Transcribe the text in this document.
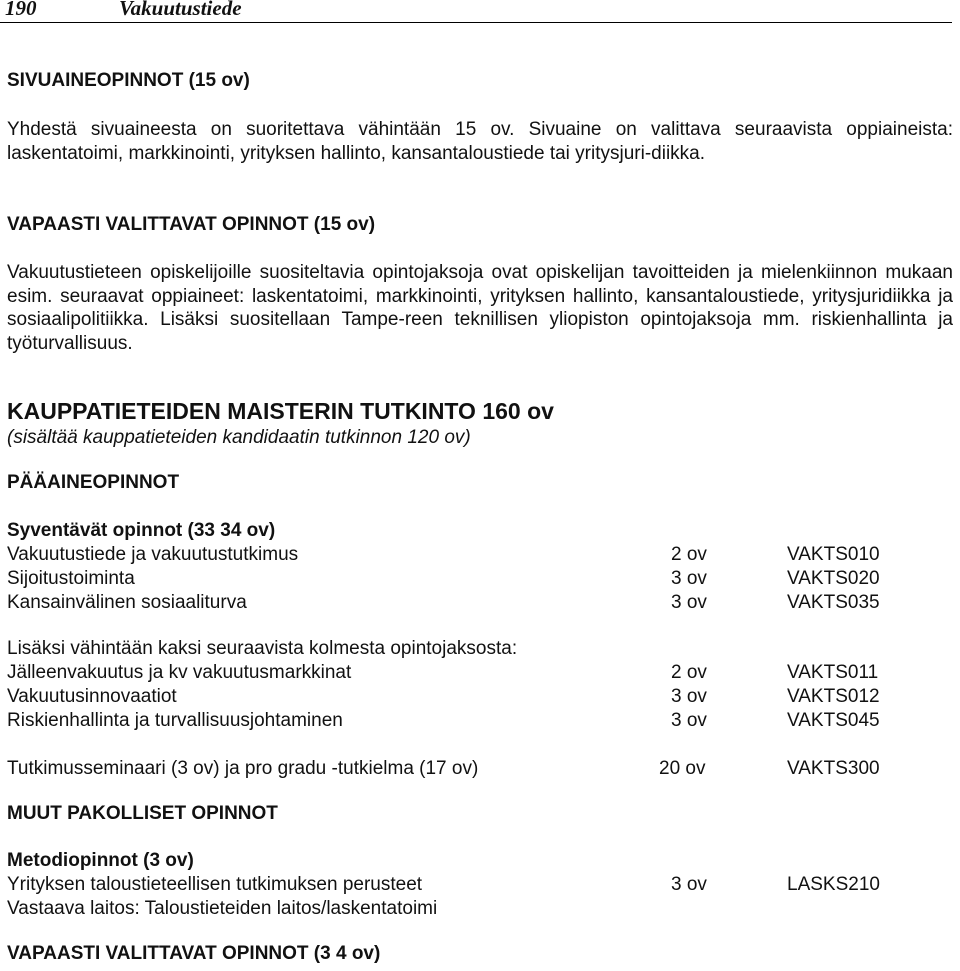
190	Vakuutustiede
SIVUAINEOPINNOT (15 ov)

Yhdestä sivuaineesta on suoritettava vähintään 15 ov. Sivuaine on valittava seuraavista oppiaineista: laskentatoimi, markkinointi, yrityksen hallinto, kansantaloustiede tai yritysjuri-diikka.

VAPAASTI VALITTAVAT OPINNOT (15 ov)

Vakuutustieteen opiskelijoille suositeltavia opintojaksoja ovat opiskelijan tavoitteiden ja mielenkiinnon mukaan esim. seuraavat oppiaineet: laskentatoimi, markkinointi, yrityksen hallinto, kansantaloustiede, yritysjuridiikka ja sosiaalipolitiikka. Lisäksi suositellaan Tampe-reen teknillisen yliopiston opintojaksoja mm. riskienhallinta ja työturvallisuus.

KAUPPATIETEIDEN MAISTERIN TUTKINTO 160 ov
(sisältää kauppatieteiden kandidaatin tutkinnon 120 ov)
PÄÄAINEOPINNOT
Syventävät opinnot (33 34 ov)
Vakuutustiede ja vakuutustutkimus	2 ov	VAKTS010
Sijoitustoiminta	3 ov	VAKTS020
Kansainvälinen sosiaaliturva	3 ov	VAKTS035
Lisäksi vähintään kaksi seuraavista kolmesta opintojaksosta:
Jälleenvakuutus ja kv vakuutusmarkkinat	2 ov	VAKTS011
Vakuutusinnovaatiot	3 ov	VAKTS012
Riskienhallinta ja turvallisuusjohtaminen	3 ov	VAKTS045
Tutkimusseminaari (3 ov) ja pro gradu -tutkielma (17 ov)	20 ov	VAKTS300
MUUT PAKOLLISET OPINNOT
Metodiopinnot (3 ov)
Yrityksen taloustieteellisen tutkimuksen perusteet	3 ov	LASKS210
Vastaava laitos: Taloustieteiden laitos/laskentatoimi
VAPAASTI VALITTAVAT OPINNOT (3 4 ov)
